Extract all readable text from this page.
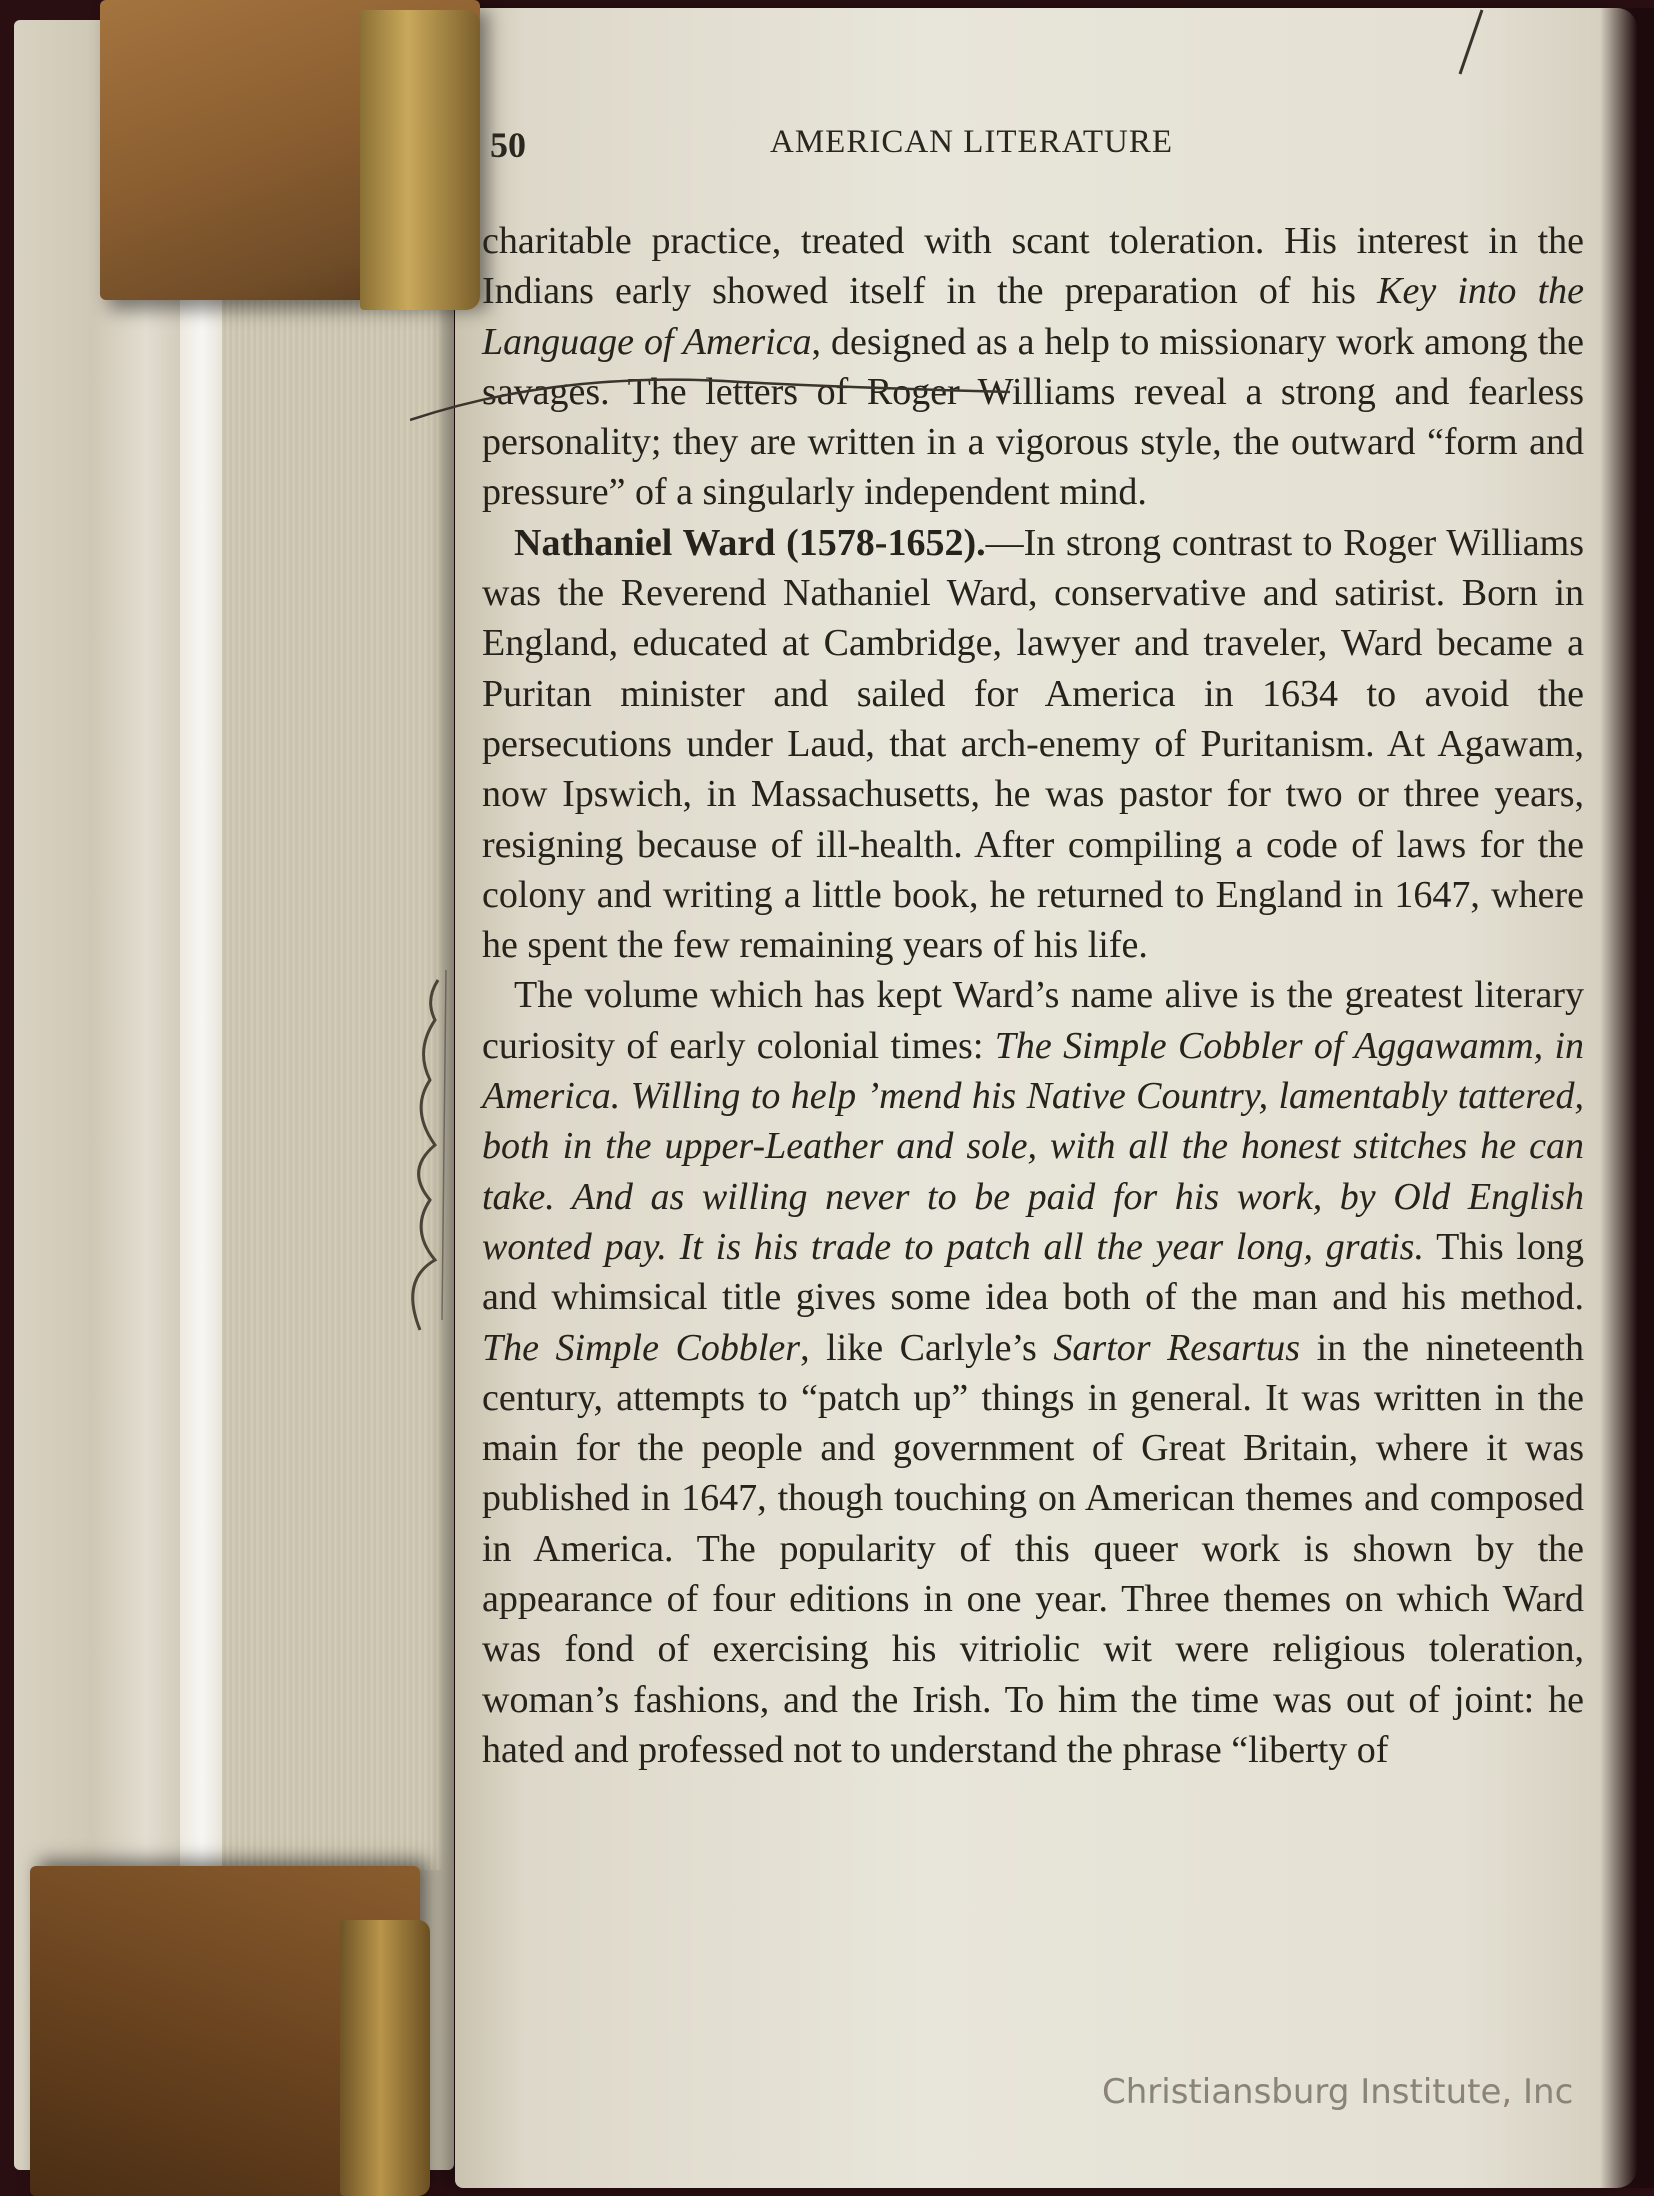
50	AMERICAN LITERATURE

charitable practice, treated with scant toleration. His interest in the Indians early showed itself in the preparation of his Key into the Language of America, designed as a help to missionary work among the savages. The letters of Roger Williams reveal a strong and fearless personality; they are written in a vigorous style, the outward “form and pressure” of a singularly independent mind.

Nathaniel Ward (1578-1652).—In strong contrast to Roger Williams was the Reverend Nathaniel Ward, conservative and satirist. Born in England, educated at Cambridge, lawyer and traveler, Ward became a Puritan minister and sailed for America in 1634 to avoid the persecutions under Laud, that arch-enemy of Puritanism. At Agawam, now Ipswich, in Massachusetts, he was pastor for two or three years, resigning because of ill-health. After compiling a code of laws for the colony and writing a little book, he returned to England in 1647, where he spent the few remaining years of his life.

The volume which has kept Ward’s name alive is the greatest literary curiosity of early colonial times: The Simple Cobbler of Aggawamm, in America. Willing to help ’mend his Native Country, lamentably tattered, both in the upper-Leather and sole, with all the honest stitches he can take. And as willing never to be paid for his work, by Old English wonted pay. It is his trade to patch all the year long, gratis. This long and whimsical title gives some idea both of the man and his method. The Simple Cobbler, like Carlyle’s Sartor Resartus in the nineteenth century, attempts to “patch up” things in general. It was written in the main for the people and government of Great Britain, where it was published in 1647, though touching on American themes and composed in America. The popularity of this queer work is shown by the appearance of four editions in one year. Three themes on which Ward was fond of exercising his vitriolic wit were religious toleration, woman’s fashions, and the Irish. To him the time was out of joint: he hated and professed not to understand the phrase “liberty of

Christiansburg Institute, Inc
